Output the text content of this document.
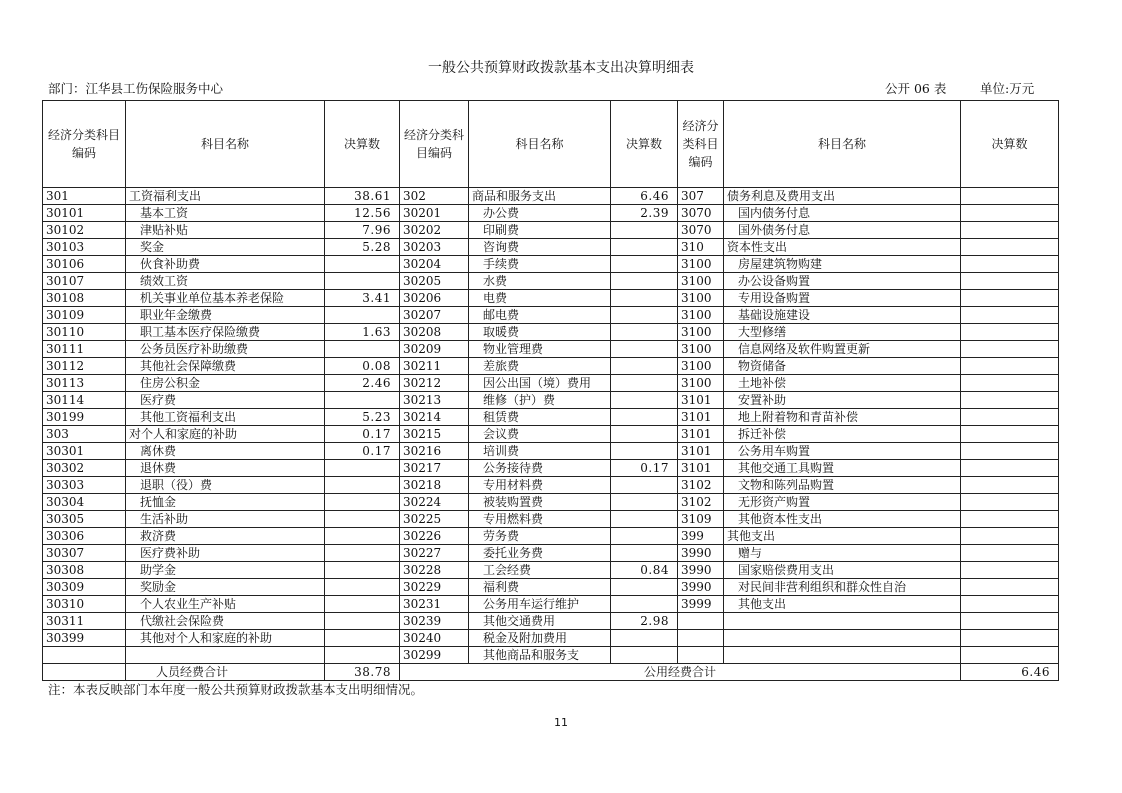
一般公共预算财政拨款基本支出决算明细表
部门：江华县工伤保险服务中心	公开 06 表	单位:万元
经济分类科目编码	科目名称	决算数	经济分类科目编码	科目名称	决算数	经济分类科目编码	科目名称	决算数
301	工资福利支出	38.61	302	商品和服务支出	6.46	307	债务利息及费用支出	
30101	基本工资	12.56	30201	办公费	2.39	3070	国内债务付息	
30102	津贴补贴	7.96	30202	印刷费		3070	国外债务付息	
30103	奖金	5.28	30203	咨询费		310	资本性支出	
30106	伙食补助费		30204	手续费		3100	房屋建筑物购建	
30107	绩效工资		30205	水费		3100	办公设备购置	
30108	机关事业单位基本养老保险	3.41	30206	电费		3100	专用设备购置	
30109	职业年金缴费		30207	邮电费		3100	基础设施建设	
30110	职工基本医疗保险缴费	1.63	30208	取暖费		3100	大型修缮	
30111	公务员医疗补助缴费		30209	物业管理费		3100	信息网络及软件购置更新	
30112	其他社会保障缴费	0.08	30211	差旅费		3100	物资储备	
30113	住房公积金	2.46	30212	因公出国（境）费用		3100	土地补偿	
30114	医疗费		30213	维修（护）费		3101	安置补助	
30199	其他工资福利支出	5.23	30214	租赁费		3101	地上附着物和青苗补偿	
303	对个人和家庭的补助	0.17	30215	会议费		3101	拆迁补偿	
30301	离休费	0.17	30216	培训费		3101	公务用车购置	
30302	退休费		30217	公务接待费	0.17	3101	其他交通工具购置	
30303	退职（役）费		30218	专用材料费		3102	文物和陈列品购置	
30304	抚恤金		30224	被装购置费		3102	无形资产购置	
30305	生活补助		30225	专用燃料费		3109	其他资本性支出	
30306	救济费		30226	劳务费		399	其他支出	
30307	医疗费补助		30227	委托业务费		3990	赠与	
30308	助学金		30228	工会经费	0.84	3990	国家赔偿费用支出	
30309	奖励金		30229	福利费		3990	对民间非营利组织和群众性自治	
30310	个人农业生产补贴		30231	公务用车运行维护		3999	其他支出	
30311	代缴社会保险费		30239	其他交通费用	2.98			
30399	其他对个人和家庭的补助		30240	税金及附加费用				
			30299	其他商品和服务支				
	人员经费合计	38.78	公用经费合计					6.46
注：本表反映部门本年度一般公共预算财政拨款基本支出明细情况。
11
